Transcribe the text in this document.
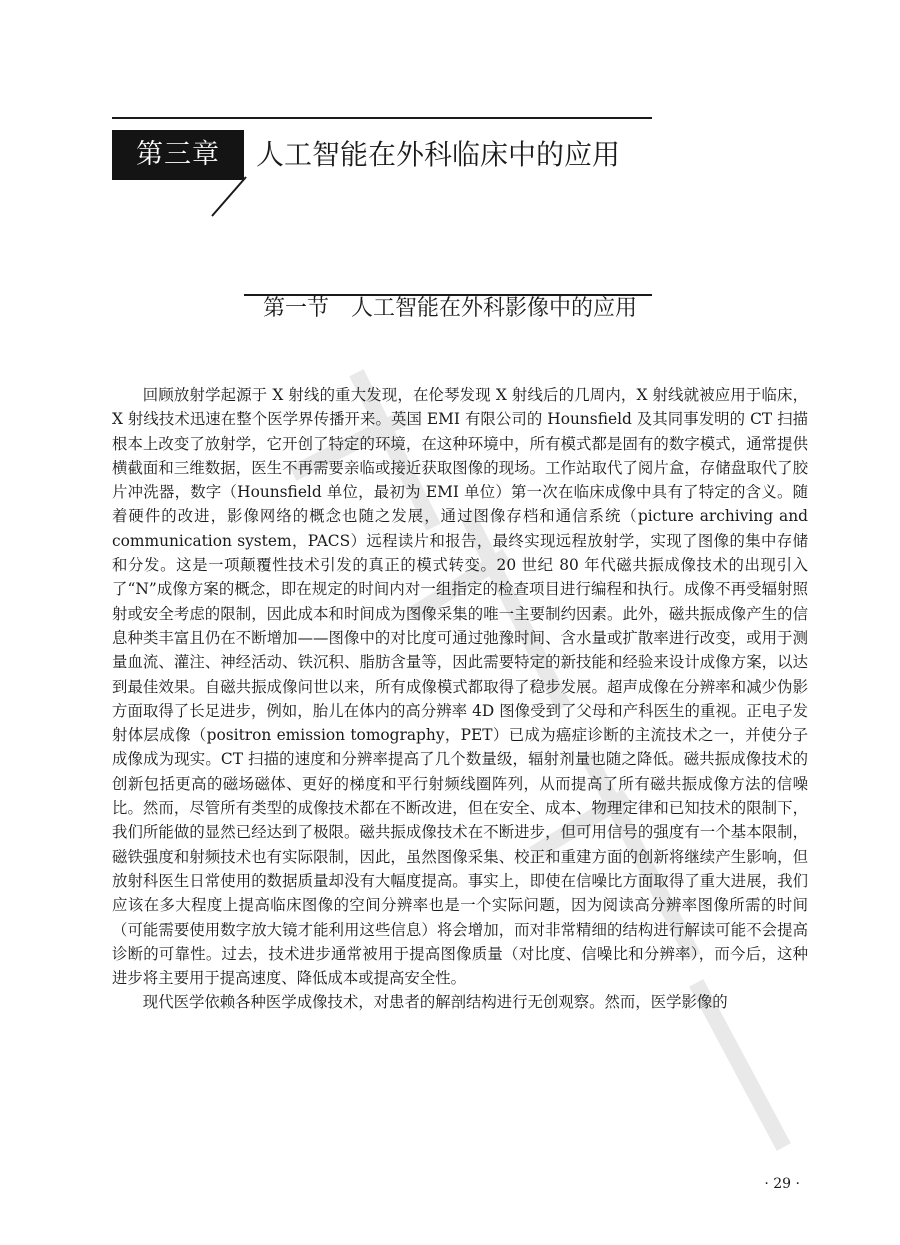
第三章	人工智能在外科临床中的应用
第一节　人工智能在外科影像中的应用

回顾放射学起源于 X 射线的重大发现，在伦琴发现 X 射线后的几周内，X 射线就被应用于临床，X 射线技术迅速在整个医学界传播开来。英国 EMI 有限公司的 Hounsfield 及其同事发明的 CT 扫描根本上改变了放射学，它开创了特定的环境，在这种环境中，所有模式都是固有的数字模式，通常提供横截面和三维数据，医生不再需要亲临或接近获取图像的现场。工作站取代了阅片盒，存储盘取代了胶片冲洗器，数字（Hounsfield 单位，最初为 EMI 单位）第一次在临床成像中具有了特定的含义。随着硬件的改进，影像网络的概念也随之发展，通过图像存档和通信系统（picture archiving and communication system，PACS）远程读片和报告，最终实现远程放射学，实现了图像的集中存储和分发。这是一项颠覆性技术引发的真正的模式转变。20 世纪 80 年代磁共振成像技术的出现引入了“N”成像方案的概念，即在规定的时间内对一组指定的检查项目进行编程和执行。成像不再受辐射照射或安全考虑的限制，因此成本和时间成为图像采集的唯一主要制约因素。此外，磁共振成像产生的信息种类丰富且仍在不断增加——图像中的对比度可通过弛豫时间、含水量或扩散率进行改变，或用于测量血流、灌注、神经活动、铁沉积、脂肪含量等，因此需要特定的新技能和经验来设计成像方案，以达到最佳效果。自磁共振成像问世以来，所有成像模式都取得了稳步发展。超声成像在分辨率和减少伪影方面取得了长足进步，例如，胎儿在体内的高分辨率 4D 图像受到了父母和产科医生的重视。正电子发射体层成像（positron emission tomography，PET）已成为癌症诊断的主流技术之一，并使分子成像成为现实。CT 扫描的速度和分辨率提高了几个数量级，辐射剂量也随之降低。磁共振成像技术的创新包括更高的磁场磁体、更好的梯度和平行射频线圈阵列，从而提高了所有磁共振成像方法的信噪比。然而，尽管所有类型的成像技术都在不断改进，但在安全、成本、物理定律和已知技术的限制下，我们所能做的显然已经达到了极限。磁共振成像技术在不断进步，但可用信号的强度有一个基本限制，磁铁强度和射频技术也有实际限制，因此，虽然图像采集、校正和重建方面的创新将继续产生影响，但放射科医生日常使用的数据质量却没有大幅度提高。事实上，即使在信噪比方面取得了重大进展，我们应该在多大程度上提高临床图像的空间分辨率也是一个实际问题，因为阅读高分辨率图像所需的时间（可能需要使用数字放大镜才能利用这些信息）将会增加，而对非常精细的结构进行解读可能不会提高诊断的可靠性。过去，技术进步通常被用于提高图像质量（对比度、信噪比和分辨率），而今后，这种进步将主要用于提高速度、降低成本或提高安全性。

现代医学依赖各种医学成像技术，对患者的解剖结构进行无创观察。然而，医学影像的

· 29 ·
